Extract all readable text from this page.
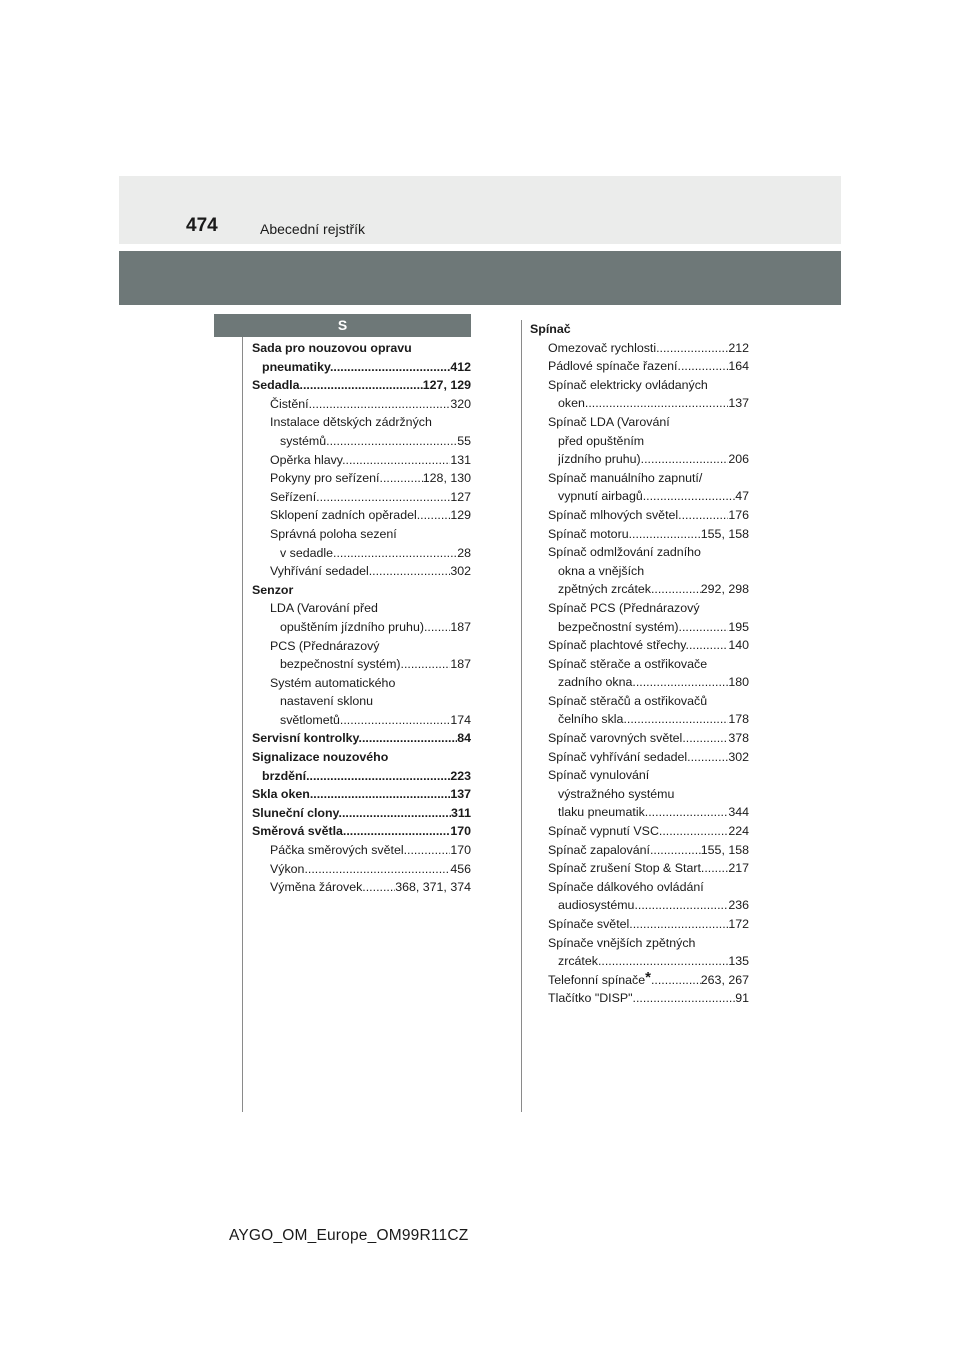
474	Abecední rejstřík
S
Sada pro nouzovou opravu
pneumatiky .....	412
Sedadla .....	127, 129
Čistění .....	320
Instalace dětských zádržných
systémů .....	55
Opěrka hlavy .....	131
Pokyny pro seřízení .....	128, 130
Seřízení .....	127
Sklopení zadních opěradel .....	129
Správná poloha sezení
v sedadle .....	28
Vyhřívání sedadel .....	302
Senzor
LDA (Varování před
opuštěním jízdního pruhu) .....	187
PCS (Přednárazový
bezpečnostní systém) .....	187
Systém automatického
nastavení sklonu
světlometů .....	174
Servisní kontrolky .....	84
Signalizace nouzového
brzdění .....	223
Skla oken .....	137
Sluneční clony .....	311
Směrová světla .....	170
Páčka směrových světel .....	170
Výkon .....	456
Výměna žárovek .....	368, 371, 374
Spínač
Omezovač rychlosti .....	212
Pádlové spínače řazení .....	164
Spínač elektricky ovládaných
oken .....	137
Spínač LDA (Varování
před opuštěním
jízdního pruhu) .....	206
Spínač manuálního zapnutí/
vypnutí airbagů .....	47
Spínač mlhových světel .....	176
Spínač motoru .....	155, 158
Spínač odmlžování zadního
okna a vnějších
zpětných zrcátek .....	292, 298
Spínač PCS (Přednárazový
bezpečnostní systém) .....	195
Spínač plachtové střechy .....	140
Spínač stěrače a ostřikovače
zadního okna .....	180
Spínač stěračů a ostřikovačů
čelního skla .....	178
Spínač varovných světel .....	378
Spínač vyhřívání sedadel .....	302
Spínač vynulování
výstražného systému
tlaku pneumatik .....	344
Spínač vypnutí VSC .....	224
Spínač zapalování .....	155, 158
Spínač zrušení Stop & Start .....	217
Spínače dálkového ovládání
audiosystému .....	236
Spínače světel .....	172
Spínače vnějších zpětných
zrcátek .....	135
Telefonní spínače* .....	263, 267
Tlačítko "DISP" .....	91
AYGO_OM_Europe_OM99R11CZ
